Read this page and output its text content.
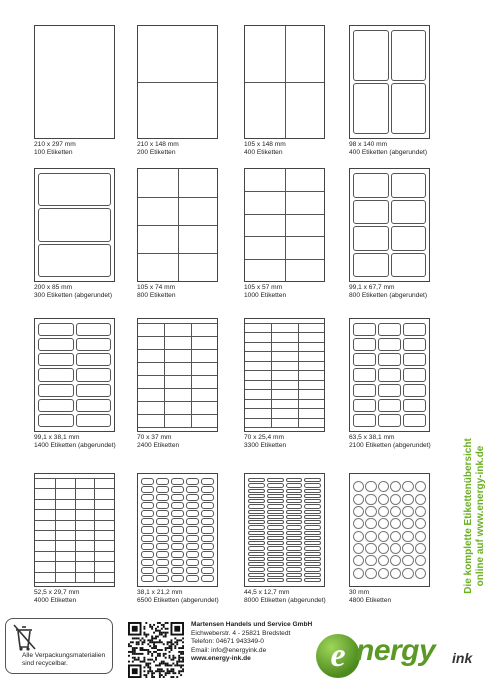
210 x 297 mm
100 Etiketten
210 x 148 mm
200 Etiketten
105 x 148 mm
400 Etiketten
98 x 140 mm
400 Etiketten (abgerundet)
200 x 85 mm
300 Etiketten (abgerundet)
105 x 74 mm
800 Etiketten
105 x 57 mm
1000 Etiketten
99,1 x 67,7 mm
800 Etiketten (abgerundet)
99,1 x 38,1 mm
1400 Etiketten (abgerundet)
70 x 37 mm
2400 Etiketten
70 x 25,4 mm
3300 Etiketten
63,5 x 38,1 mm
2100 Etiketten (abgerundet)
52,5 x 29,7 mm
4000 Etiketten
38,1 x 21,2 mm
6500 Etiketten (abgerundet)
44,5 x 12,7 mm
8000 Etiketten (abgerundet)
30 mm
4800 Etiketten
Die komplette Etikettenübersicht online auf www.energy-ink.de
Alle Verpackungsmaterialien
sind recycelbar.
Martensen Handels und Service GmbH
Eichweberstr. 4 - 25821 Bredstedt
Telefon: 04671 943349-0
Email: info@energyink.de
www.energy-ink.de	e nergy ink
